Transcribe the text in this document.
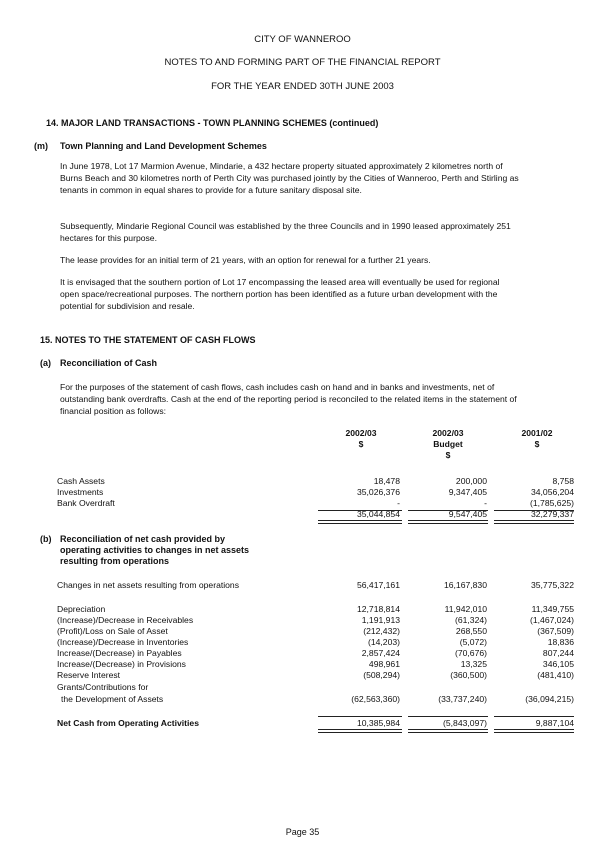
CITY OF WANNEROO
NOTES TO AND FORMING PART OF THE FINANCIAL REPORT
FOR THE YEAR ENDED 30TH JUNE 2003
14. MAJOR LAND TRANSACTIONS - TOWN PLANNING SCHEMES (continued)
(m) Town Planning and Land Development Schemes
In June 1978, Lot 17 Marmion Avenue, Mindarie, a 432 hectare property situated approximately 2 kilometres north of Burns Beach and 30 kilometres north of Perth City was purchased jointly by the Cities of Wanneroo, Perth and Stirling as tenants in common in equal shares to provide for a future sanitary disposal site.
Subsequently, Mindarie Regional Council was established by the three Councils and in 1990 leased approximately 251 hectares for this purpose.
The lease provides for an initial term of 21 years, with an option for renewal for a further 21 years.
It is envisaged that the southern portion of Lot 17 encompassing the leased area will eventually be used for regional open space/recreational purposes. The northern portion has been identified as a future urban development with the potential for subdivision and resale.
15. NOTES TO THE STATEMENT OF CASH FLOWS
(a) Reconciliation of Cash
For the purposes of the statement of cash flows, cash includes cash on hand and in banks and investments, net of outstanding bank overdrafts. Cash at the end of the reporting period is reconciled to the related items in the statement of financial position as follows:
2002/03
$
2002/03
Budget
$
2001/02
$
Cash Assets	18,478	200,000	8,758
Investments	35,026,376	9,347,405	34,056,204
Bank Overdraft	-	-	(1,785,625)
35,044,854	9,547,405	32,279,337
(b) Reconciliation of net cash provided by
operating activities to changes in net assets
resulting from operations
Changes in net assets resulting from operations	56,417,161	16,167,830	35,775,322
Depreciation	12,718,814	11,942,010	11,349,755
(Increase)/Decrease in Receivables	1,191,913	(61,324)	(1,467,024)
(Profit)/Loss on Sale of Asset	(212,432)	268,550	(367,509)
(Increase)/Decrease in Inventories	(14,203)	(5,072)	18,836
Increase/(Decrease) in Payables	2,857,424	(70,676)	807,244
Increase/(Decrease) in Provisions	498,961	13,325	346,105
Reserve Interest	(508,294)	(360,500)	(481,410)
Grants/Contributions for
the Development of Assets	(62,563,360)	(33,737,240)	(36,094,215)
Net Cash from Operating Activities	10,385,984	(5,843,097)	9,887,104
Page 35
